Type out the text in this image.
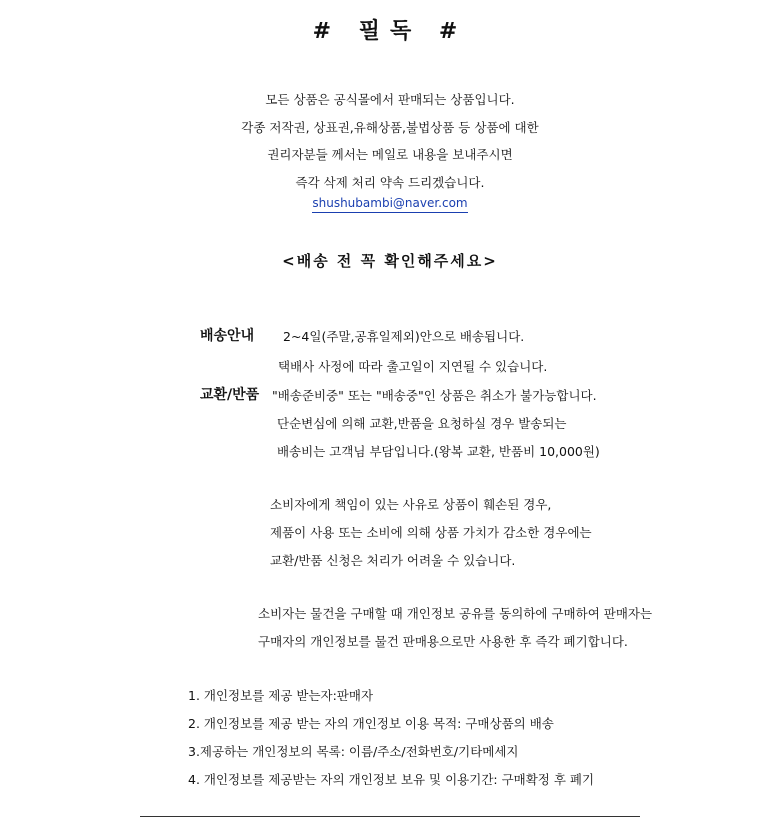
# 필독 #

모든 상품은 공식몰에서 판매되는 상품입니다.

각종 저작권, 상표권,유해상품,불법상품 등 상품에 대한

권리자분들 께서는 메일로 내용을 보내주시면

즉각 삭제 처리 약속 드리겠습니다.

shushubambi@naver.com
<배송 전 꼭 확인해주세요>
배송안내 2~4일(주말,공휴일제외)안으로 배송됩니다.
택배사 사정에 따라 출고일이 지연될 수 있습니다.
교환/반품 "배송준비중" 또는 "배송중"인 상품은 취소가 불가능합니다.
단순변심에 의해 교환,반품을 요청하실 경우 발송되는
배송비는 고객님 부담입니다.(왕복 교환, 반품비 10,000원)
소비자에게 책임이 있는 사유로 상품이 훼손된 경우,
제품이 사용 또는 소비에 의해 상품 가치가 감소한 경우에는
교환/반품 신청은 처리가 어려울 수 있습니다.
소비자는 물건을 구매할 때 개인정보 공유를 동의하에 구매하여 판매자는
구매자의 개인정보를 물건 판매용으로만 사용한 후 즉각 폐기합니다.
1. 개인정보를 제공 받는자:판매자
2. 개인정보를 제공 받는 자의 개인정보 이용 목적: 구매상품의 배송
3.제공하는 개인정보의 목록: 이름/주소/전화번호/기타메세지
4. 개인정보를 제공받는 자의 개인정보 보유 및 이용기간: 구매확정 후 폐기
